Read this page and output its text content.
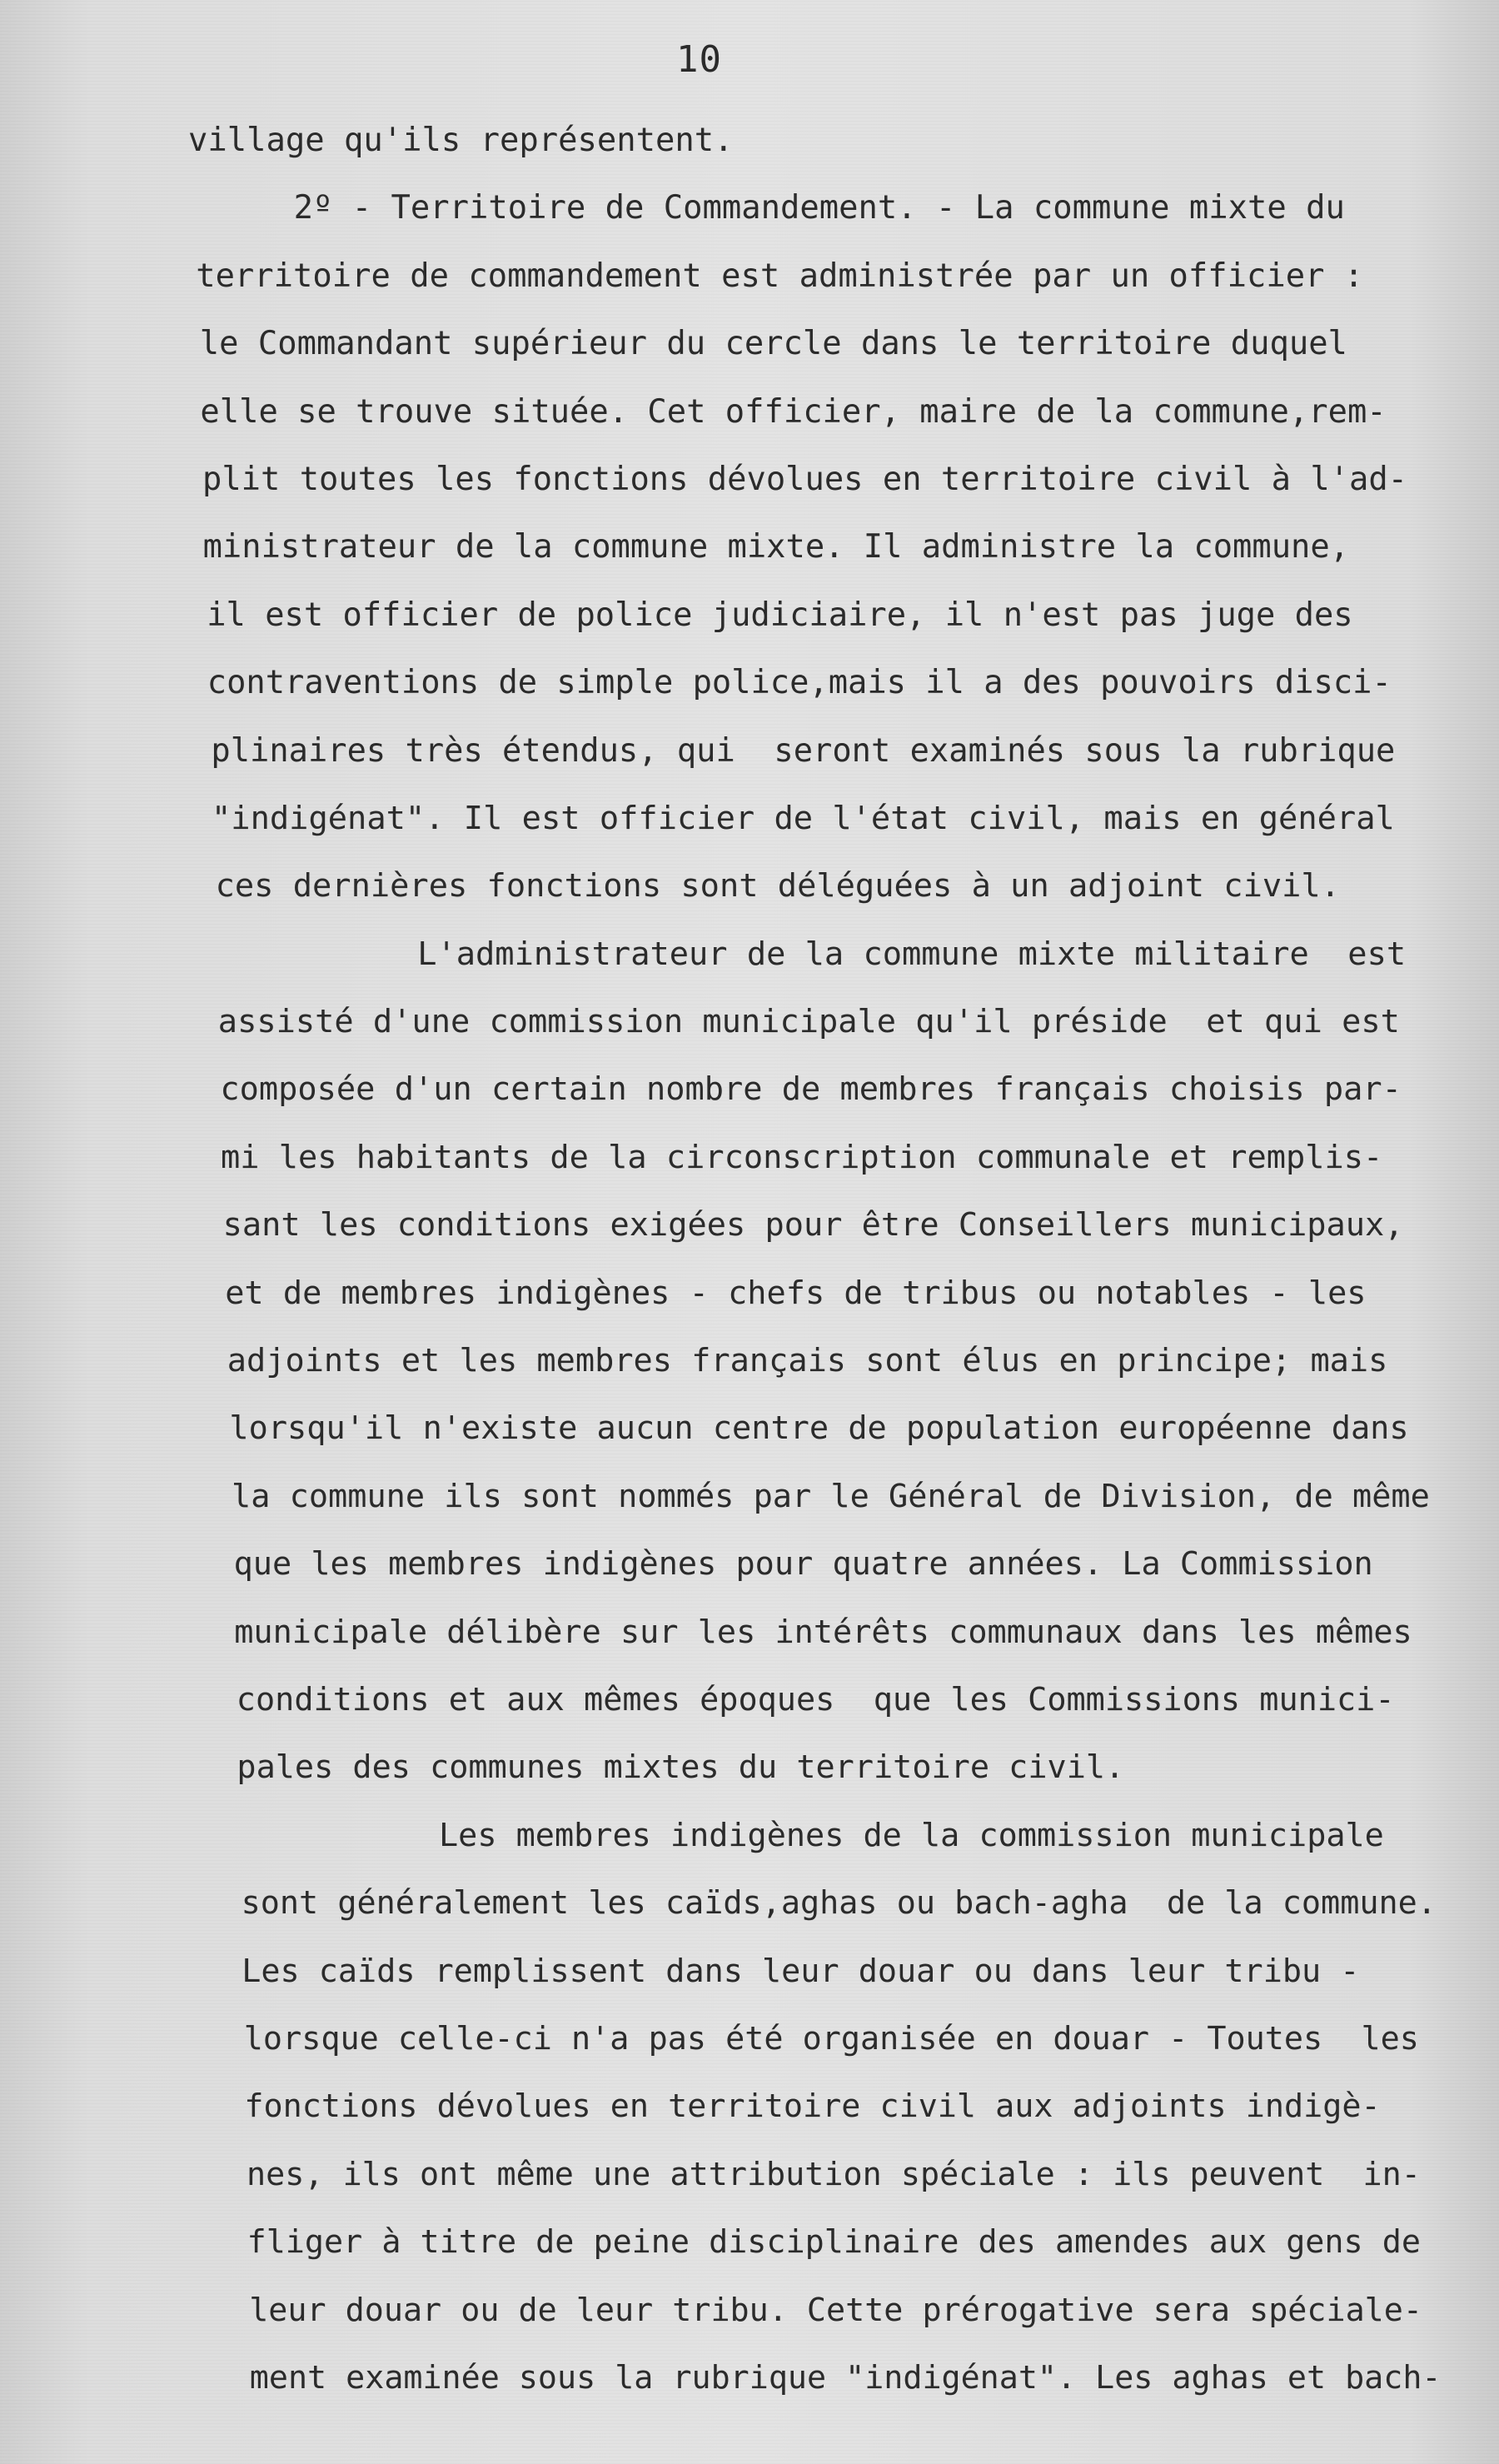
10
village qu'ils représentent.
2º - Territoire de Commandement. - La commune mixte du
territoire de commandement est administrée par un officier :
le Commandant supérieur du cercle dans le territoire duquel
elle se trouve située. Cet officier, maire de la commune,rem-
plit toutes les fonctions dévolues en territoire civil à l'ad-
ministrateur de la commune mixte. Il administre la commune,
il est officier de police judiciaire, il n'est pas juge des
contraventions de simple police,mais il a des pouvoirs disci-
plinaires très étendus, qui  seront examinés sous la rubrique
"indigénat". Il est officier de l'état civil, mais en général
ces dernières fonctions sont déléguées à un adjoint civil.
L'administrateur de la commune mixte militaire  est
assisté d'une commission municipale qu'il préside  et qui est
composée d'un certain nombre de membres français choisis par-
mi les habitants de la circonscription communale et remplis-
sant les conditions exigées pour être Conseillers municipaux,
et de membres indigènes - chefs de tribus ou notables - les
adjoints et les membres français sont élus en principe; mais
lorsqu'il n'existe aucun centre de population européenne dans
la commune ils sont nommés par le Général de Division, de même
que les membres indigènes pour quatre années. La Commission
municipale délibère sur les intérêts communaux dans les mêmes
conditions et aux mêmes époques  que les Commissions munici-
pales des communes mixtes du territoire civil.
Les membres indigènes de la commission municipale
sont généralement les caïds,aghas ou bach-agha  de la commune.
Les caïds remplissent dans leur douar ou dans leur tribu -
lorsque celle-ci n'a pas été organisée en douar - Toutes  les
fonctions dévolues en territoire civil aux adjoints indigè-
nes, ils ont même une attribution spéciale : ils peuvent  in-
fliger à titre de peine disciplinaire des amendes aux gens de
leur douar ou de leur tribu. Cette prérogative sera spéciale-
ment examinée sous la rubrique "indigénat". Les aghas et bach-
